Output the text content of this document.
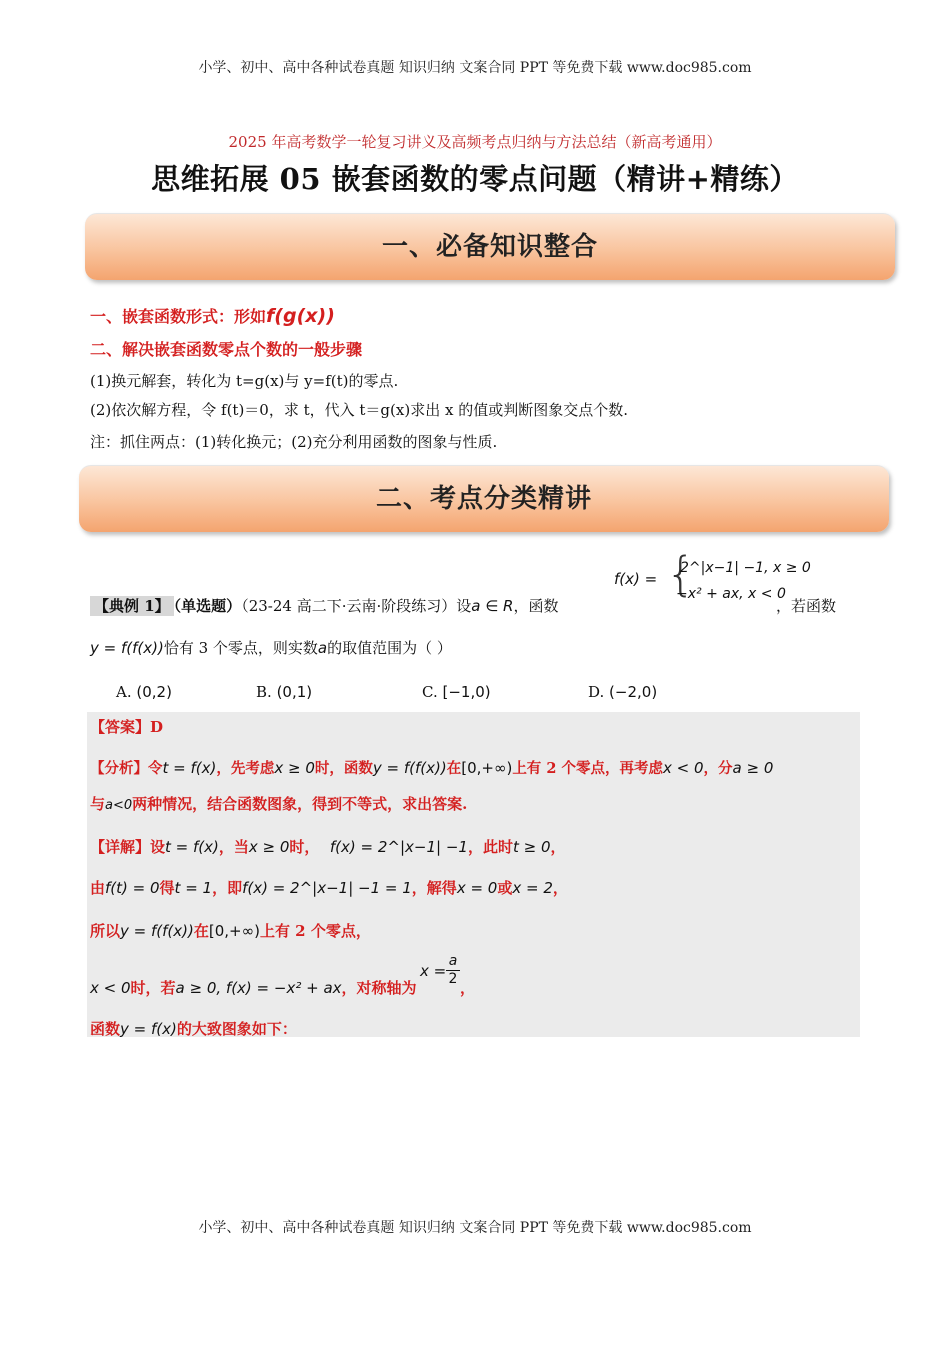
小学、初中、高中各种试卷真题 知识归纳 文案合同 PPT 等免费下载 www.doc985.com
2025 年高考数学一轮复习讲义及高频考点归纳与方法总结（新高考通用）
思维拓展 05 嵌套函数的零点问题（精讲+精练）
一、必备知识整合
一、嵌套函数形式：形如f(g(x))
二、解决嵌套函数零点个数的一般步骤
(1)换元解套，转化为 t=g(x)与 y=f(t)的零点.
(2)依次解方程，令 f(t)＝0，求 t，代入 t＝g(x)求出 x 的值或判断图象交点个数.
注：抓住两点：(1)转化换元；(2)充分利用函数的图象与性质.
二、考点分类精讲
【典例 1】 （单选题）（23-24 高二下·云南·阶段练习）设a ∈ R，函数
f(x) = {
2^|x−1| −1, x ≥ 0
−x² + ax, x < 0
，若函数
y = f(f(x))恰有 3 个零点，则实数a的取值范围为（ ）
A. (0,2)	B. (0,1)	C. [−1,0)	D. (−2,0)
【答案】D
【分析】令t = f(x)，先考虑x ≥ 0时，函数y = f(f(x))在[0,+∞)上有 2 个零点，再考虑x < 0，分a ≥ 0
与a<0两种情况，结合函数图象，得到不等式，求出答案.
【详解】设t = f(x)，当x ≥ 0时， f(x) = 2^|x−1| −1，此时t ≥ 0，
由f(t) = 0得t = 1，即f(x) = 2^|x−1| −1 = 1，解得x = 0或x = 2，
所以y = f(f(x))在[0,+∞)上有 2 个零点，
x < 0时，若a ≥ 0, f(x) = −x² + ax，对称轴为
$x = \frac{a}{2}$ ，
函数y = f(x)的大致图象如下：
小学、初中、高中各种试卷真题 知识归纳 文案合同 PPT 等免费下载 www.doc985.com
